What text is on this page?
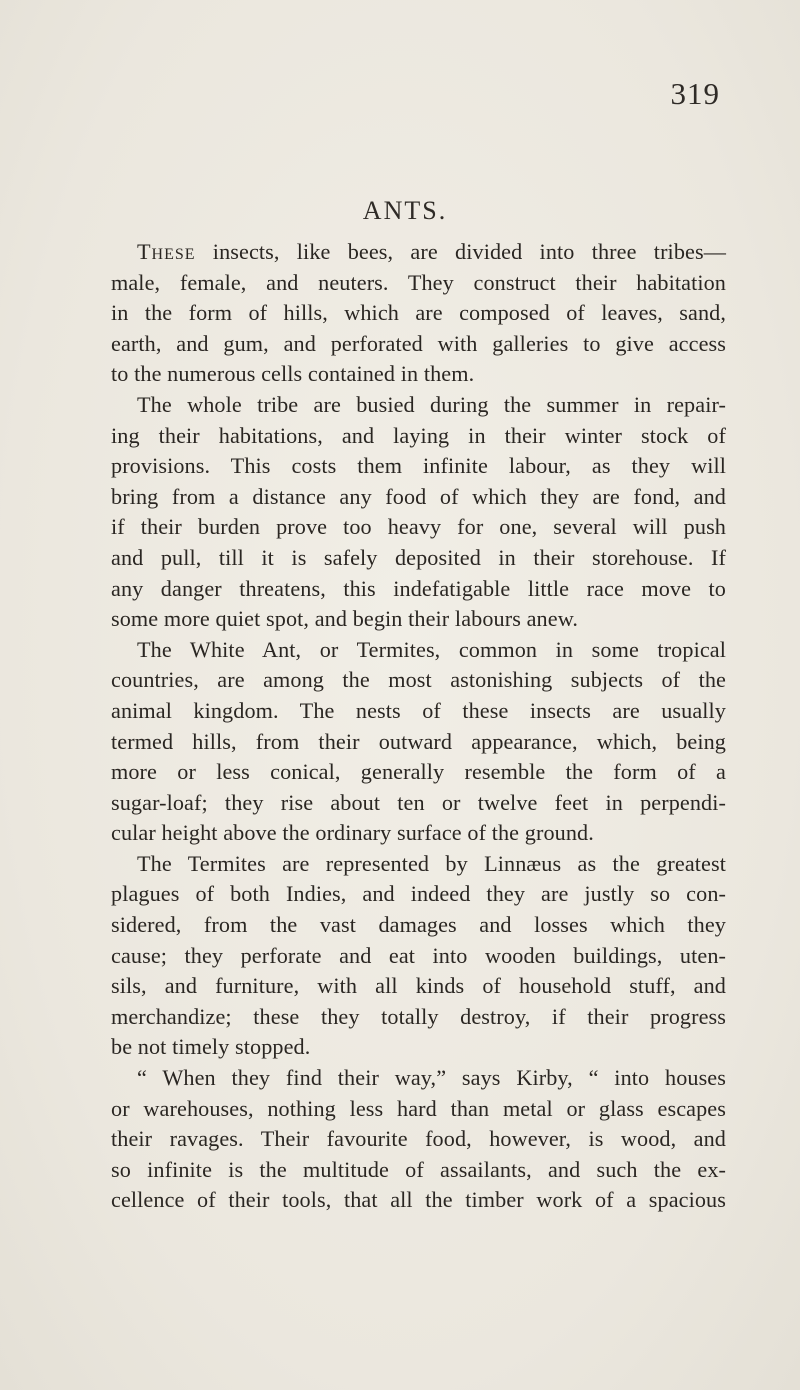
319
ANTS.
These insects, like bees, are divided into three tribes—
male, female, and neuters. They construct their habitation
in the form of hills, which are composed of leaves, sand,
earth, and gum, and perforated with galleries to give access
to the numerous cells contained in them.
The whole tribe are busied during the summer in repair-
ing their habitations, and laying in their winter stock of
provisions. This costs them infinite labour, as they will
bring from a distance any food of which they are fond, and
if their burden prove too heavy for one, several will push
and pull, till it is safely deposited in their storehouse. If
any danger threatens, this indefatigable little race move to
some more quiet spot, and begin their labours anew.
The White Ant, or Termites, common in some tropical
countries, are among the most astonishing subjects of the
animal kingdom. The nests of these insects are usually
termed hills, from their outward appearance, which, being
more or less conical, generally resemble the form of a
sugar-loaf; they rise about ten or twelve feet in perpendi-
cular height above the ordinary surface of the ground.
The Termites are represented by Linnæus as the greatest
plagues of both Indies, and indeed they are justly so con-
sidered, from the vast damages and losses which they
cause; they perforate and eat into wooden buildings, uten-
sils, and furniture, with all kinds of household stuff, and
merchandize; these they totally destroy, if their progress
be not timely stopped.
“ When they find their way,” says Kirby, “ into houses
or warehouses, nothing less hard than metal or glass escapes
their ravages. Their favourite food, however, is wood, and
so infinite is the multitude of assailants, and such the ex-
cellence of their tools, that all the timber work of a spacious
